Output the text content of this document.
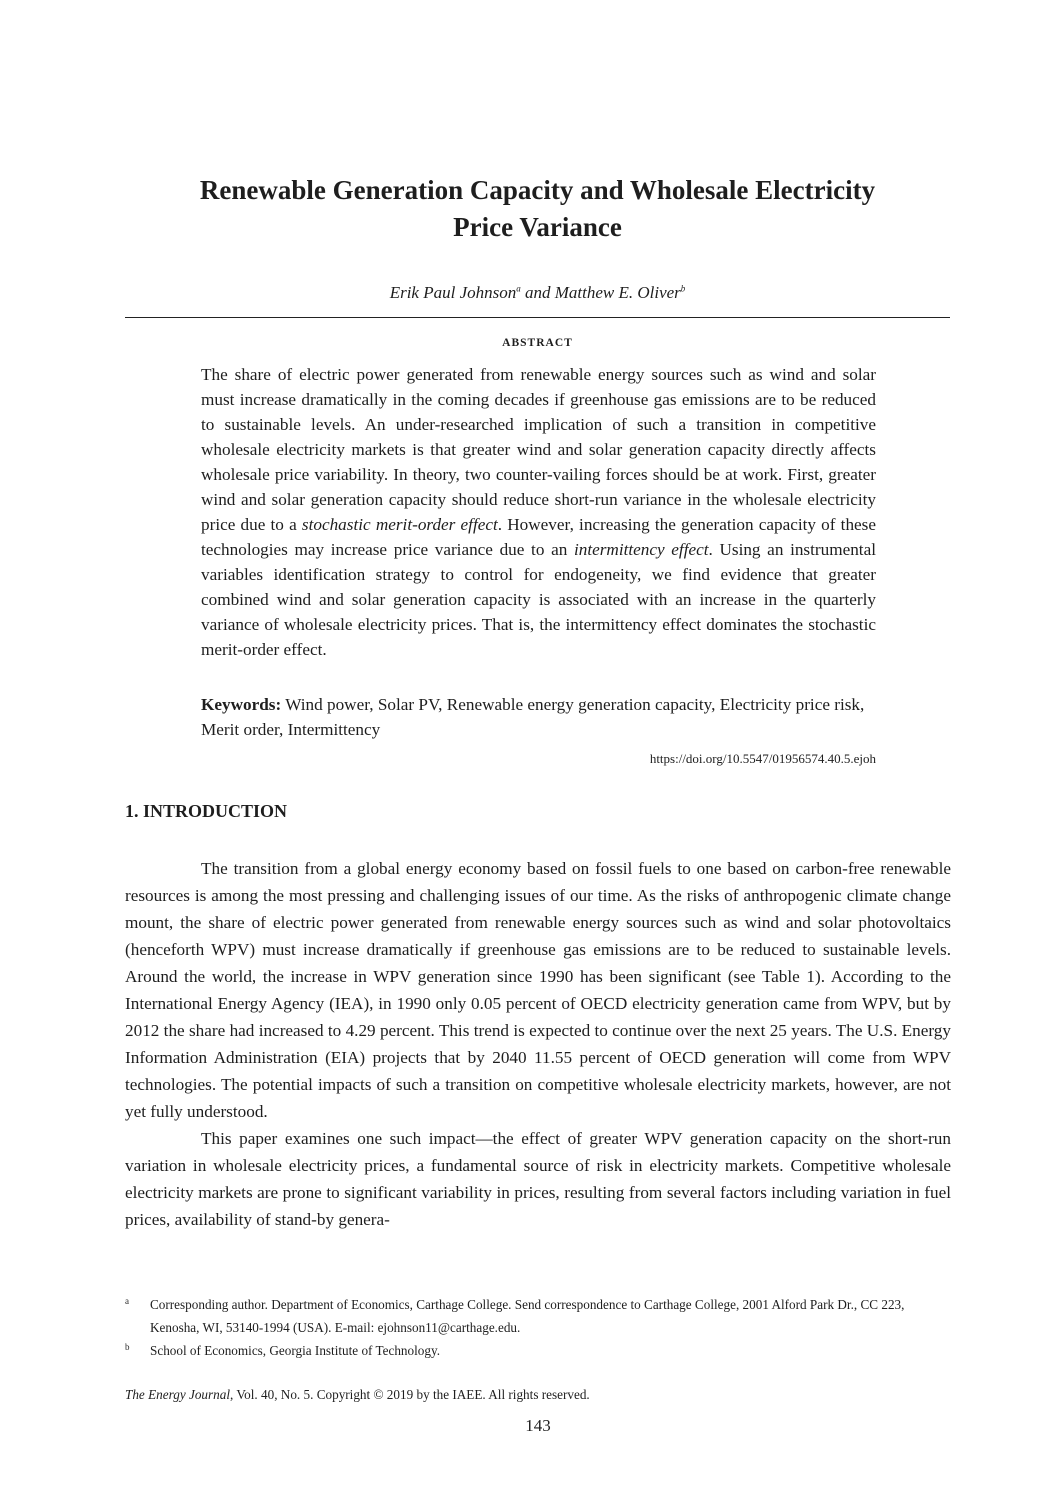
Renewable Generation Capacity and Wholesale Electricity
Price Variance
Erik Paul Johnson$^a$ and Matthew E. Oliver$^b$
ABSTRACT

The share of electric power generated from renewable energy sources such as wind and solar must increase dramatically in the coming decades if greenhouse gas emissions are to be reduced to sustainable levels. An under-researched implication of such a transition in competitive wholesale electricity markets is that greater wind and solar generation capacity directly affects wholesale price variability. In theory, two counter-vailing forces should be at work. First, greater wind and solar generation capacity should reduce short-run variance in the wholesale electricity price due to a stochastic merit-order effect. However, increasing the generation capacity of these technologies may increase price variance due to an intermittency effect. Using an instrumental variables identification strategy to control for endogeneity, we find evidence that greater combined wind and solar generation capacity is associated with an increase in the quarterly variance of wholesale electricity prices. That is, the intermittency effect dominates the stochastic merit-order effect.

Keywords: Wind power, Solar PV, Renewable energy generation capacity, Electricity price risk, Merit order, Intermittency
https://doi.org/10.5547/01956574.40.5.ejoh
1. INTRODUCTION

The transition from a global energy economy based on fossil fuels to one based on carbon-free renewable resources is among the most pressing and challenging issues of our time. As the risks of anthropogenic climate change mount, the share of electric power generated from renewable energy sources such as wind and solar photovoltaics (henceforth WPV) must increase dramatically if greenhouse gas emissions are to be reduced to sustainable levels. Around the world, the increase in WPV generation since 1990 has been significant (see Table 1). According to the International Energy Agency (IEA), in 1990 only 0.05 percent of OECD electricity generation came from WPV, but by 2012 the share had increased to 4.29 percent. This trend is expected to continue over the next 25 years. The U.S. Energy Information Administration (EIA) projects that by 2040 11.55 percent of OECD generation will come from WPV technologies. The potential impacts of such a transition on competitive wholesale electricity markets, however, are not yet fully understood.

This paper examines one such impact—the effect of greater WPV generation capacity on the short-run variation in wholesale electricity prices, a fundamental source of risk in electricity markets. Competitive wholesale electricity markets are prone to significant variability in prices, resulting from several factors including variation in fuel prices, availability of stand-by genera-

a Corresponding author. Department of Economics, Carthage College. Send correspondence to Carthage College, 2001 Alford Park Dr., CC 223, Kenosha, WI, 53140-1994 (USA). E-mail: ejohnson11@carthage.edu.
b School of Economics, Georgia Institute of Technology.
The Energy Journal, Vol. 40, No. 5. Copyright © 2019 by the IAEE. All rights reserved.
143
